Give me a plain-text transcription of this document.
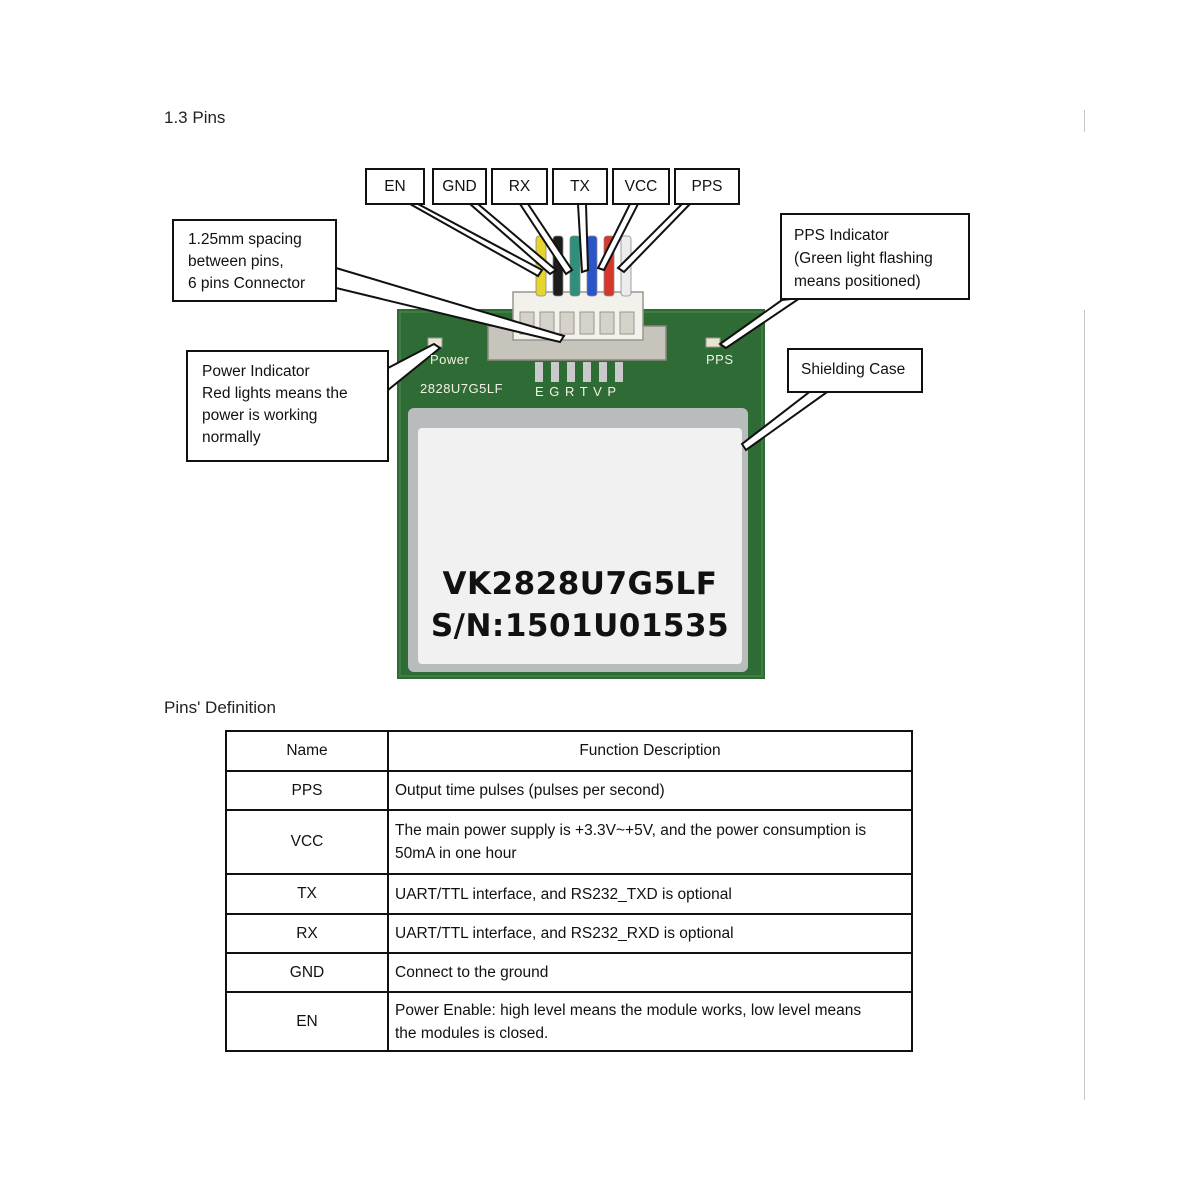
1.3 Pins
EN	GND	RX	TX	VCC	PPS
1.25mm spacing
between pins,
6 pins Connector
Power Indicator
Red lights means the
power is working
normally
PPS Indicator
(Green light flashing
means positioned)
Shielding Case
Power	PPS
2828U7G5LF E G R T V P
VK2828U7G5LF
S/N:1501U01535
Pins' Definition
Name	Function Description
PPS	Output time pulses (pulses per second)
VCC	The main power supply is +3.3V~+5V, and the power consumption is
50mA in one hour

TX	UART/TTL interface, and RS232_TXD is optional
RX	UART/TTL interface, and RS232_RXD is optional
GND	Connect to the ground
EN	Power Enable: high level means the module works, low level means
the modules is closed.
